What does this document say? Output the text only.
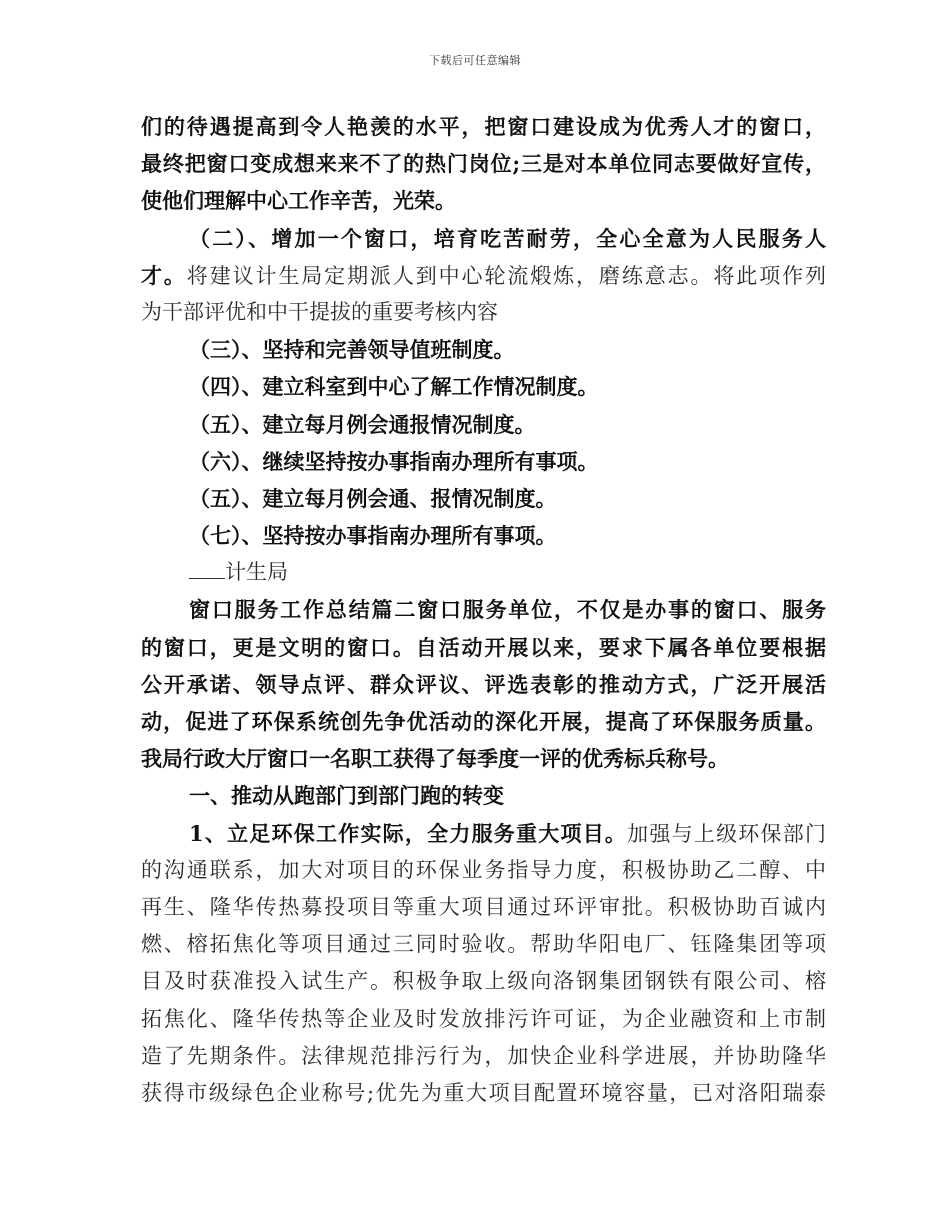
下载后可任意编辑
们的待遇提高到令人艳羡的水平，把窗口建设成为优秀人才的窗口，
最终把窗口变成想来来不了的热门岗位;三是对本单位同志要做好宣传，
使他们理解中心工作辛苦，光荣。
（二）、增加一个窗口，培育吃苦耐劳，全心全意为人民服务人
才。将建议计生局定期派人到中心轮流煅炼，磨练意志。将此项作列
为干部评优和中干提拔的重要考核内容
（三）、坚持和完善领导值班制度。
（四）、建立科室到中心了解工作情况制度。
（五）、建立每月例会通报情况制度。
（六）、继续坚持按办事指南办理所有事项。
（五）、建立每月例会通、报情况制度。
（七）、坚持按办事指南办理所有事项。
计生局
窗口服务工作总结篇二窗口服务单位，不仅是办事的窗口、服务
的窗口，更是文明的窗口。自活动开展以来，要求下属各单位要根据
公开承诺、领导点评、群众评议、评选表彰的推动方式，广泛开展活
动，促进了环保系统创先争优活动的深化开展，提高了环保服务质量。
我局行政大厅窗口一名职工获得了每季度一评的优秀标兵称号。
一、推动从跑部门到部门跑的转变
1、立足环保工作实际，全力服务重大项目。加强与上级环保部门
的沟通联系，加大对项目的环保业务指导力度，积极协助乙二醇、中
再生、隆华传热募投项目等重大项目通过环评审批。积极协助百诚内
燃、榕拓焦化等项目通过三同时验收。帮助华阳电厂、钰隆集团等项
目及时获准投入试生产。积极争取上级向洛钢集团钢铁有限公司、榕
拓焦化、隆华传热等企业及时发放排污许可证，为企业融资和上市制
造了先期条件。法律规范排污行为，加快企业科学进展，并协助隆华
获得市级绿色企业称号;优先为重大项目配置环境容量，已对洛阳瑞泰
